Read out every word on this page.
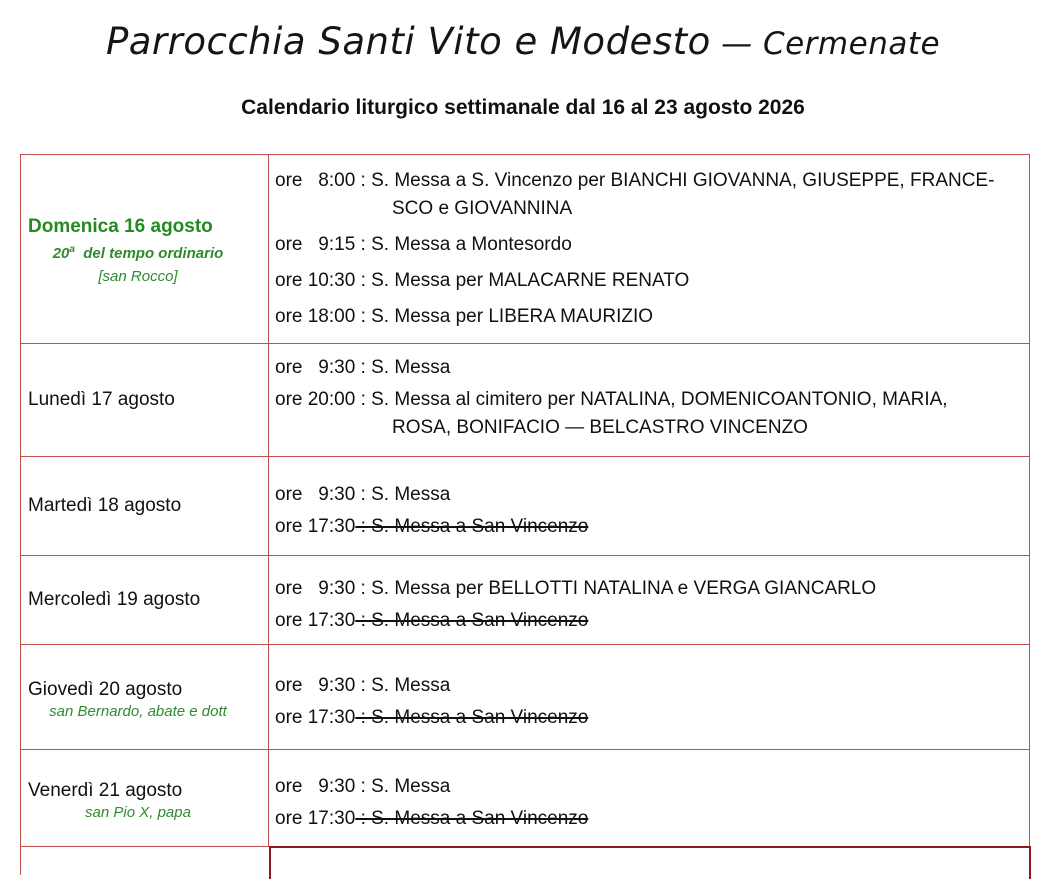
Parrocchia Santi Vito e Modesto — Cermenate
Calendario liturgico settimanale dal 16 al 23 agosto 2026
Domenica 16 agosto
20$^a$  del tempo ordinario
[san Rocco]
ore   8:00 : S. Messa a S. Vincenzo per BIANCHI GIOVANNA, GIUSEPPE, FRANCE-
SCO e GIOVANNINA
ore   9:15 : S. Messa a Montesordo
ore 10:30 : S. Messa per MALACARNE RENATO
ore 18:00 : S. Messa per LIBERA MAURIZIO
Lunedì 17 agosto
ore   9:30 : S. Messa
ore 20:00 : S. Messa al cimitero per NATALINA, DOMENICOANTONIO, MARIA,
ROSA, BONIFACIO — BELCASTRO VINCENZO
Martedì 18 agosto
ore   9:30 : S. Messa
ore 17:30 : S. Messa a San Vincenzo
Mercoledì 19 agosto
ore   9:30 : S. Messa per BELLOTTI NATALINA e VERGA GIANCARLO
ore 17:30 : S. Messa a San Vincenzo
Giovedì 20 agosto
san Bernardo, abate e dott
ore   9:30 : S. Messa
ore 17:30 : S. Messa a San Vincenzo
Venerdì 21 agosto
san Pio X, papa
ore   9:30 : S. Messa
ore 17:30 : S. Messa a San Vincenzo
